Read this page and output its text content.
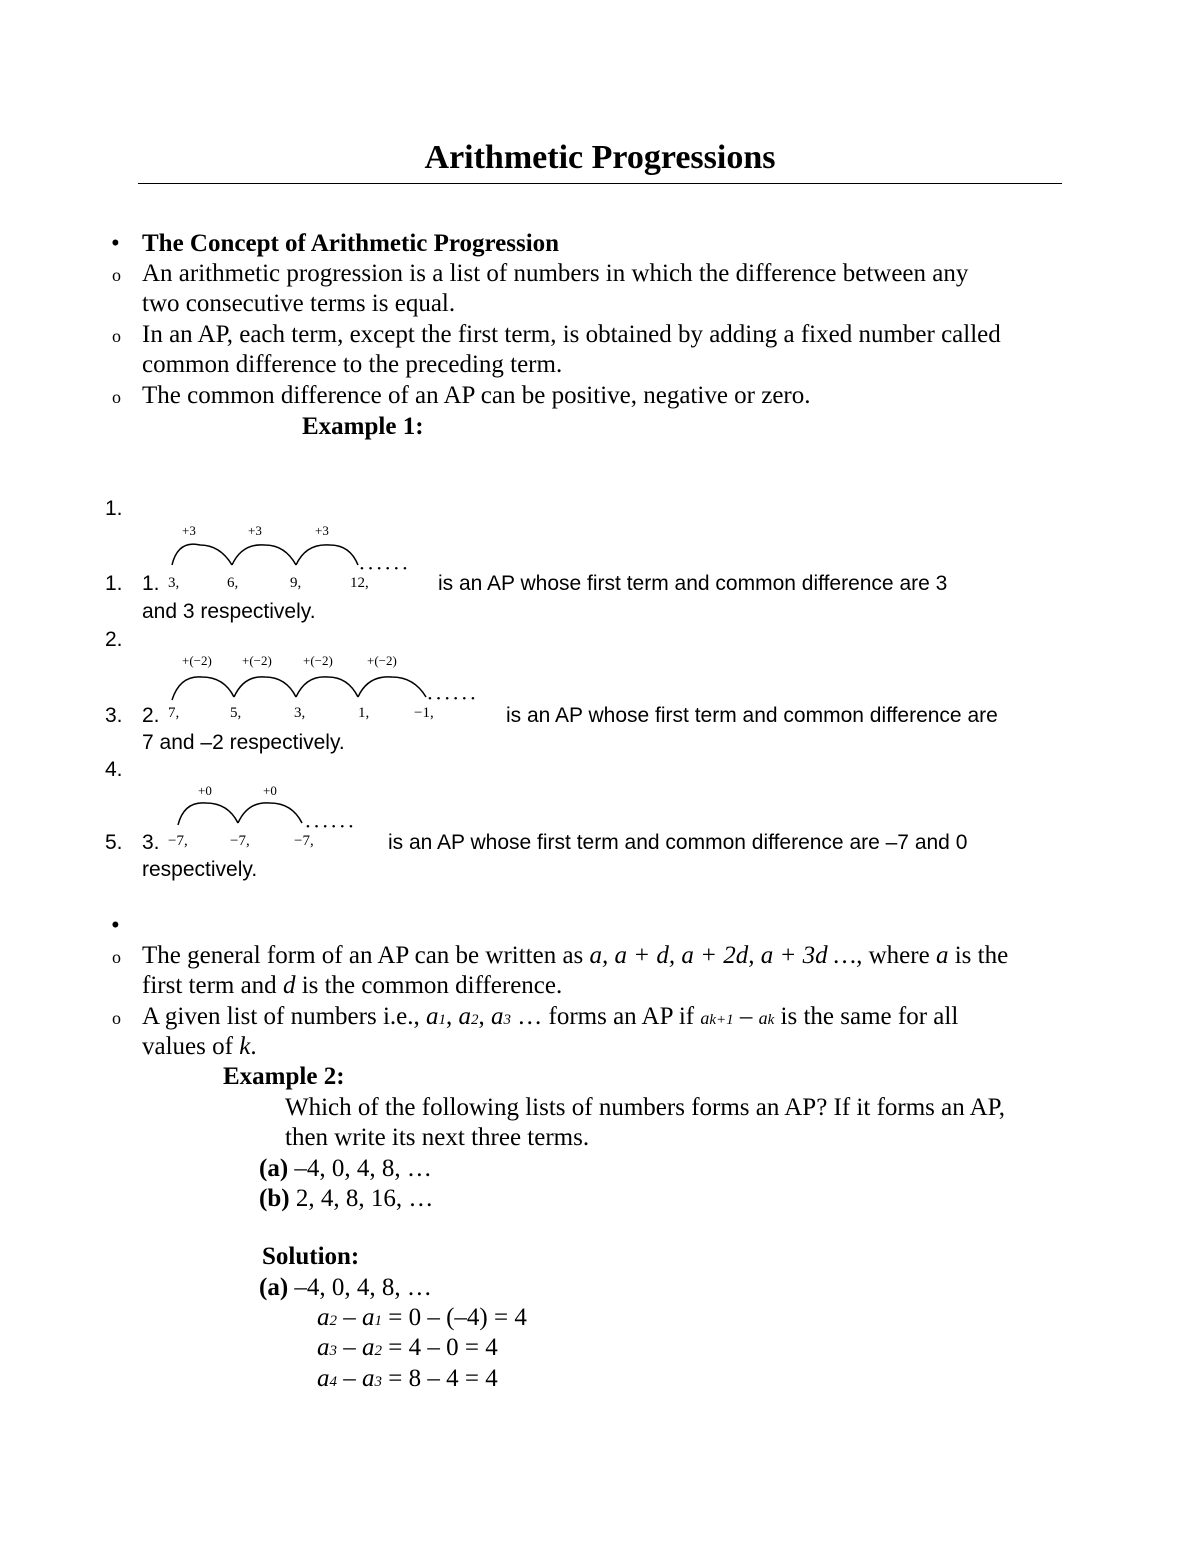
Arithmetic Progressions
• The Concept of Arithmetic Progression
o An arithmetic progression is a list of numbers in which the difference between any
two consecutive terms is equal.
o In an AP, each term, except the first term, is obtained by adding a fixed number called
common difference to the preceding term.
o The common difference of an AP can be positive, negative or zero.
Example 1:
1.
1.
2.
3.
4.
5.
1.
+3	+3	+3
3,	6,	9,	12,
• • • • • •
is an AP whose first term and common difference are 3
and 3 respectively.
2.
+(−2) +(−2) +(−2)	+(−2)
7,	5,	3,	1,	−1,
• • • • • •
is an AP whose first term and common difference are
7 and –2 respectively.
3.
+0	+0
−7,	−7,	−7,
• • • • • •
is an AP whose first term and common difference are –7 and 0
respectively.
•
o The general form of an AP can be written as a, a + d, a + 2d, a + 3d …, where a is the
first term and d is the common difference.
o A given list of numbers i.e., a1, a2, a3 … forms an AP if ak+1 – ak is the same for all
values of k.
Example 2:
Which of the following lists of numbers forms an AP? If it forms an AP,
then write its next three terms.
(a) –4, 0, 4, 8, …
(b) 2, 4, 8, 16, …
Solution:
(a) –4, 0, 4, 8, …
a2 – a1 = 0 – (–4) = 4
a3 – a2 = 4 – 0 = 4
a4 – a3 = 8 – 4 = 4
